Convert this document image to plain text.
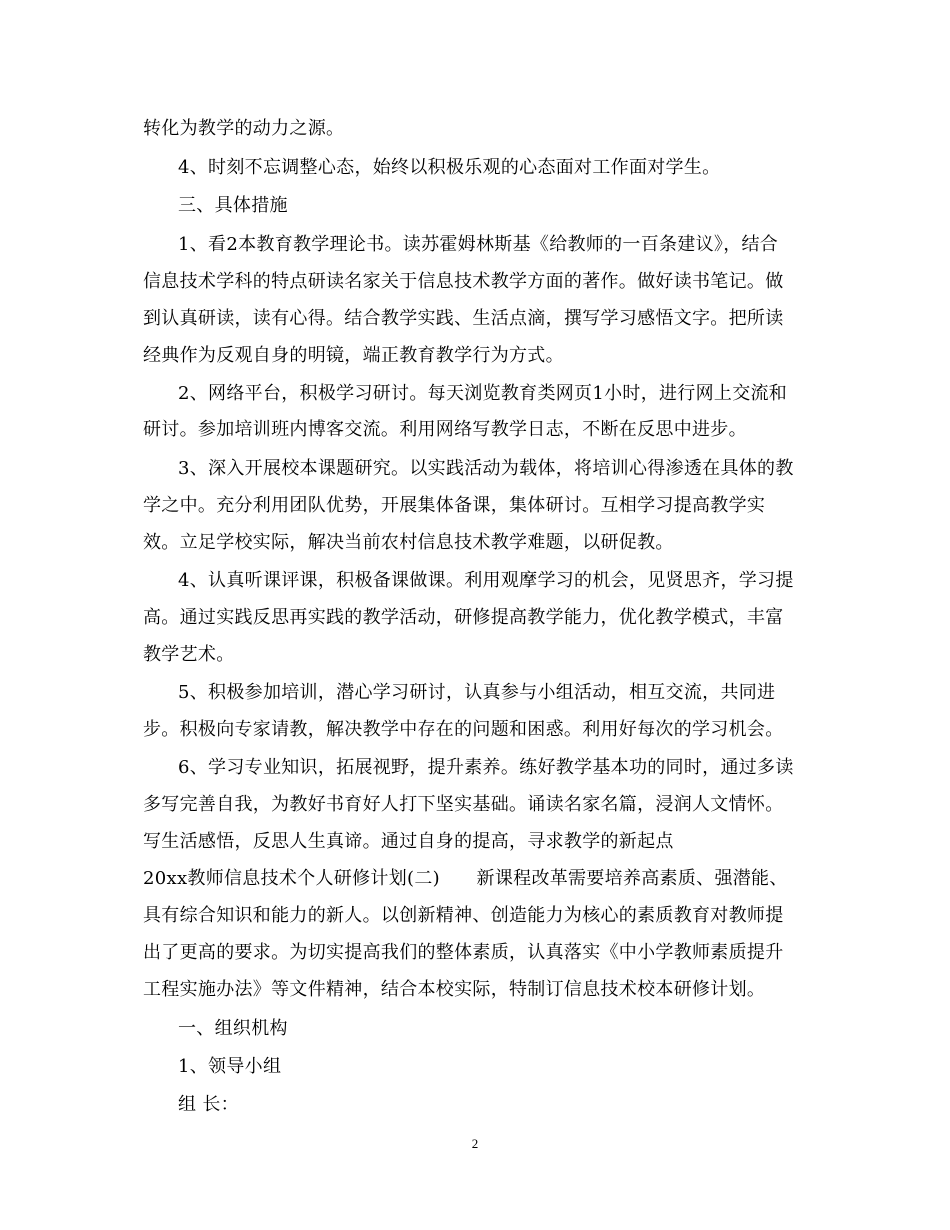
转化为教学的动力之源。
4、时刻不忘调整心态，始终以积极乐观的心态面对工作面对学生。
三、具体措施
1、看2本教育教学理论书。读苏霍姆林斯基《给教师的一百条建议》，结合
信息技术学科的特点研读名家关于信息技术教学方面的著作。做好读书笔记。做
到认真研读，读有心得。结合教学实践、生活点滴，撰写学习感悟文字。把所读
经典作为反观自身的明镜，端正教育教学行为方式。
2、网络平台，积极学习研讨。每天浏览教育类网页1小时，进行网上交流和
研讨。参加培训班内博客交流。利用网络写教学日志，不断在反思中进步。
3、深入开展校本课题研究。以实践活动为载体，将培训心得渗透在具体的教
学之中。充分利用团队优势，开展集体备课，集体研讨。互相学习提高教学实
效。立足学校实际，解决当前农村信息技术教学难题，以研促教。
4、认真听课评课，积极备课做课。利用观摩学习的机会，见贤思齐，学习提
高。通过实践反思再实践的教学活动，研修提高教学能力，优化教学模式，丰富
教学艺术。
5、积极参加培训，潜心学习研讨，认真参与小组活动，相互交流，共同进
步。积极向专家请教，解决教学中存在的问题和困惑。利用好每次的学习机会。
6、学习专业知识，拓展视野，提升素养。练好教学基本功的同时，通过多读
多写完善自我，为教好书育好人打下坚实基础。诵读名家名篇，浸润人文情怀。
写生活感悟，反思人生真谛。通过自身的提高，寻求教学的新起点
20xx教师信息技术个人研修计划(二)　　新课程改革需要培养高素质、强潜能、
具有综合知识和能力的新人。以创新精神、创造能力为核心的素质教育对教师提
出了更高的要求。为切实提高我们的整体素质，认真落实《中小学教师素质提升
工程实施办法》等文件精神，结合本校实际，特制订信息技术校本研修计划。
一、组织机构
1、领导小组
组 长：
2
